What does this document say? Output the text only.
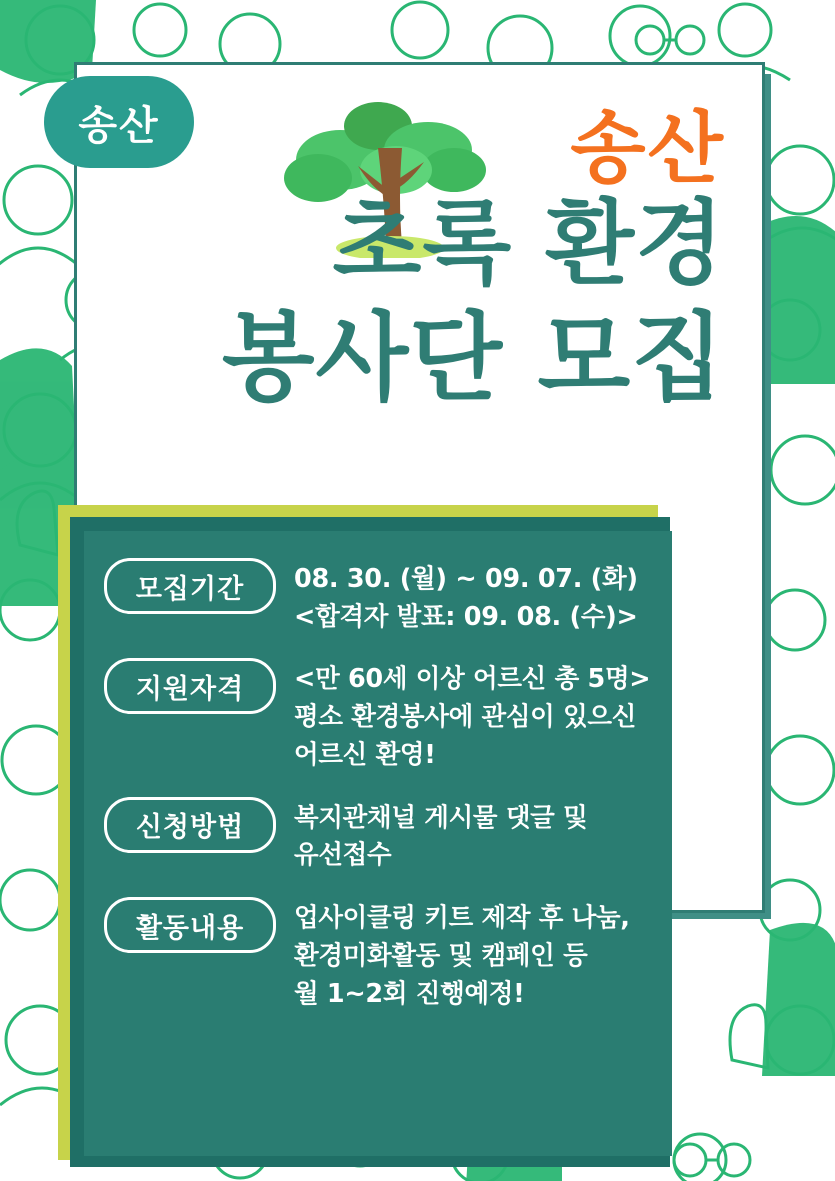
송산
초록 환경
봉사단 모집
송산
모집기간	08. 30. (월) ~ 09. 07. (화)
<합격자 발표: 09. 08. (수)>
지원자격	<만 60세 이상 어르신 총 5명>
평소 환경봉사에 관심이 있으신
어르신 환영!
신청방법	복지관채널 게시물 댓글 및
유선접수
활동내용	업사이클링 키트 제작 후 나눔,
환경미화활동 및 캠페인 등
월 1~2회 진행예정!
